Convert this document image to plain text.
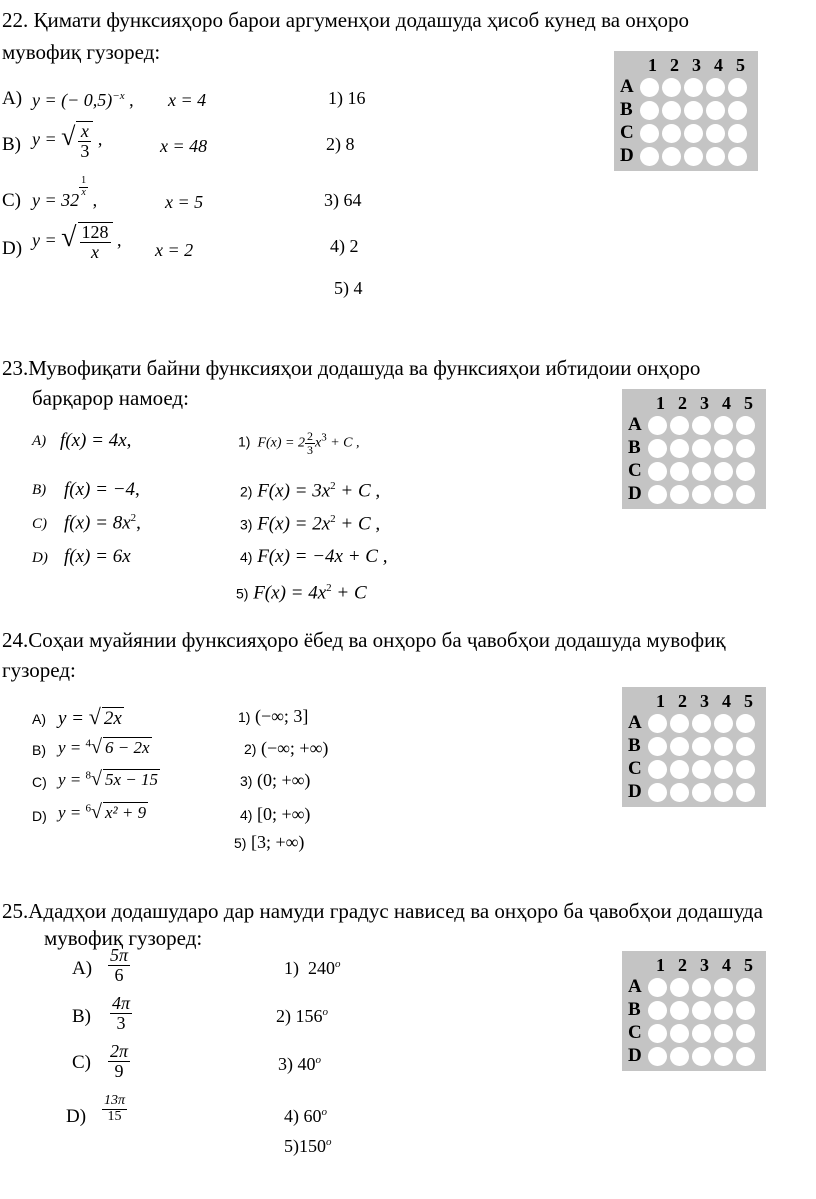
22. Қимати функсияҳоро барои аргуменҳои додашуда ҳисоб кунед ва онҳоро
мувофиқ гузоред:
A) y = (− 0,5)$^{-x}$ , x = 4
B) y = √ $\frac{x}{3}$ ,	x = 48
C) y = 32
$\frac{1}{x}$
,	x = 5
D) y = √ $\frac{128}{x}$ , x = 2
1) 16
2) 8
3) 64
4) 2
5) 4
1 2 3 4 5
A
B
C
D
23.Мувофиқати байни функсияҳои додашуда ва функсияҳои ибтидоии онҳоро
барқарор намоед:
A) f(x) = 4x,
B) f(x) = −4,
C) $f(x) = 8x^2$,
D) f(x) = 6x
1) $F(x) = 2 \frac{2}{3} x^3 + C$ ,
2) $F(x) = 3x^2 + C$ ,
3) $F(x) = 2x^2 + C$ ,
4) F(x) = −4x + C ,
5) $F(x) = 4x^2 + C$
1 2 3 4 5
A
B
C
D
24.Соҳаи муайянии функсияҳоро ёбед ва онҳоро ба ҷавобҳои додашуда мувофиқ
гузоред:
A) y = √ 2x
B) y = $^4$√ 6 − 2x
C) y = $^8$√ 5x − 15
D) y = $^6$√ x² + 9
1) (−∞; 3]
2) (−∞; +∞)
3) (0; +∞)
4) [0; +∞)
5) [3; +∞)
1 2 3 4 5
A
B
C
D
25.Ададҳои додашударо дар намуди градус нависед ва онҳоро ба ҷавобҳои додашуда
мувофиқ гузоред:
$A) \frac{5\pi}{6}$
$B) \frac{4\pi}{3}$
$C) \frac{2\pi}{9}$
$D) \frac{13\pi}{15}$
1) 240$^o$
2) 156$^o$
3) 40$^o$
4) 60$^o$
5)150$^o$
1 2 3 4 5
A
B
C
D
